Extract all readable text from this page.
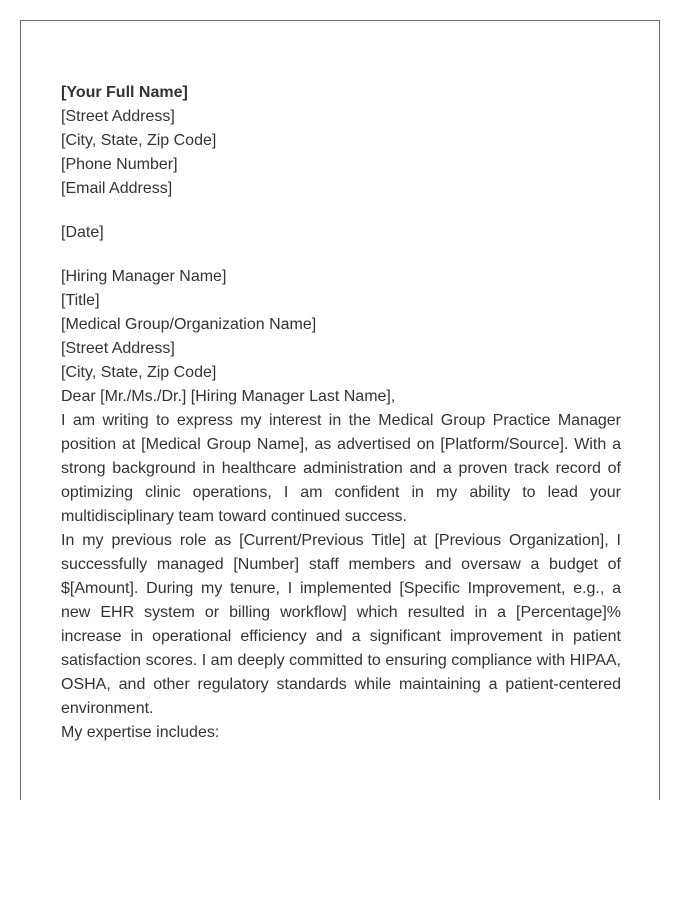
[Your Full Name]
[Street Address]
[City, State, Zip Code]
[Phone Number]
[Email Address]
[Date]
[Hiring Manager Name]
[Title]
[Medical Group/Organization Name]
[Street Address]
[City, State, Zip Code]

Dear [Mr./Ms./Dr.] [Hiring Manager Last Name],

I am writing to express my interest in the Medical Group Practice Manager position at [Medical Group Name], as advertised on [Platform/Source]. With a strong background in healthcare administration and a proven track record of optimizing clinic operations, I am confident in my ability to lead your multidisciplinary team toward continued success.

In my previous role as [Current/Previous Title] at [Previous Organization], I successfully managed [Number] staff members and oversaw a budget of $[Amount]. During my tenure, I implemented [Specific Improvement, e.g., a new EHR system or billing workflow] which resulted in a [Percentage]% increase in operational efficiency and a significant improvement in patient satisfaction scores. I am deeply committed to ensuring compliance with HIPAA, OSHA, and other regulatory standards while maintaining a patient-centered environment.

My expertise includes:
